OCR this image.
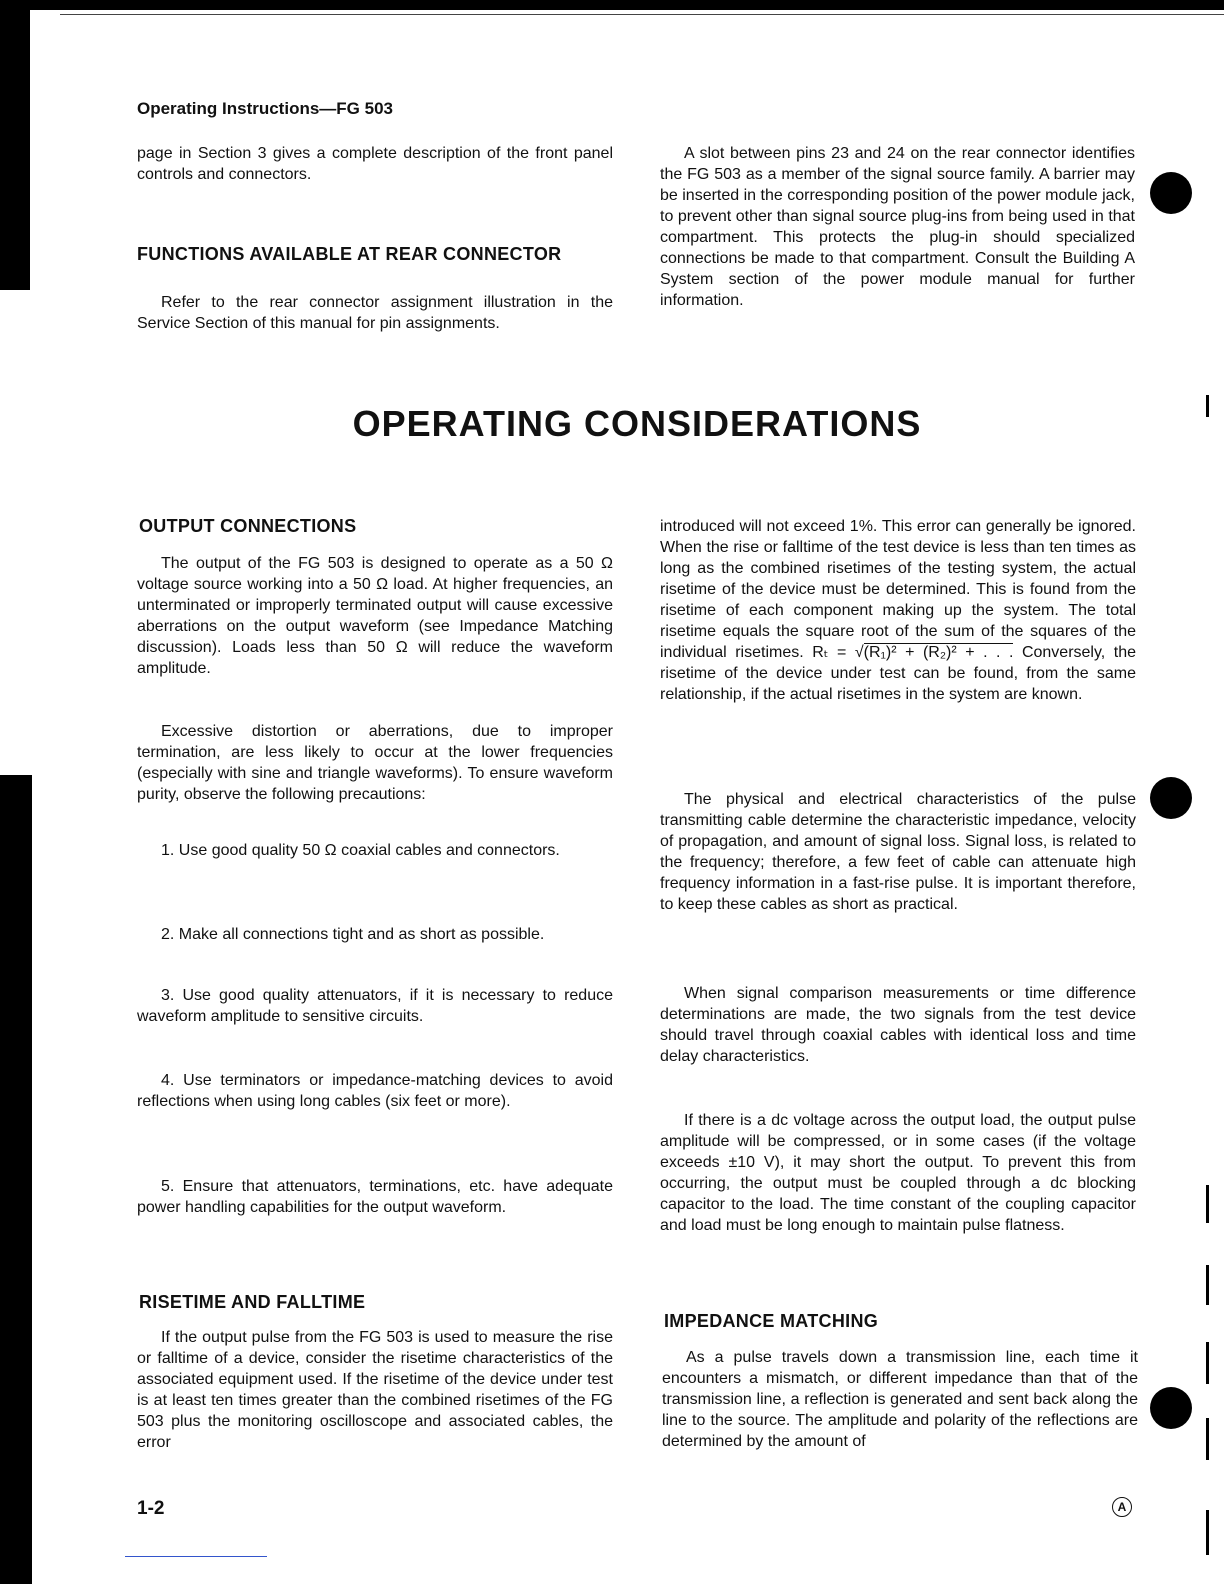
Operating Instructions—FG 503

page in Section 3 gives a complete description of the front panel controls and connectors.

FUNCTIONS AVAILABLE AT REAR CONNECTOR

Refer to the rear connector assignment illustration in the Service Section of this manual for pin assignments.

A slot between pins 23 and 24 on the rear connector identifies the FG 503 as a member of the signal source family. A barrier may be inserted in the corresponding position of the power module jack, to prevent other than signal source plug-ins from being used in that compartment. This protects the plug-in should specialized connections be made to that compartment. Consult the Building A System section of the power module manual for further information.

OPERATING CONSIDERATIONS
OUTPUT CONNECTIONS

The output of the FG 503 is designed to operate as a 50 Ω voltage source working into a 50 Ω load. At higher frequencies, an unterminated or improperly terminated output will cause excessive aberrations on the output waveform (see Impedance Matching discussion). Loads less than 50 Ω will reduce the waveform amplitude.

Excessive distortion or aberrations, due to improper termination, are less likely to occur at the lower frequencies (especially with sine and triangle waveforms). To ensure waveform purity, observe the following precautions:

1. Use good quality 50 Ω coaxial cables and connectors.

2. Make all connections tight and as short as possible.

3. Use good quality attenuators, if it is necessary to reduce waveform amplitude to sensitive circuits.

4. Use terminators or impedance-matching devices to avoid reflections when using long cables (six feet or more).

5. Ensure that attenuators, terminations, etc. have adequate power handling capabilities for the output waveform.

RISETIME AND FALLTIME

If the output pulse from the FG 503 is used to measure the rise or falltime of a device, consider the risetime characteristics of the associated equipment used. If the risetime of the device under test is at least ten times greater than the combined risetimes of the FG 503 plus the monitoring oscilloscope and associated cables, the error

introduced will not exceed 1%. This error can generally be ignored. When the rise or falltime of the test device is less than ten times as long as the combined risetimes of the testing system, the actual risetime of the device must be determined. This is found from the risetime of each component making up the system. The total risetime equals the square root of the sum of the squares of the individual risetimes. Rₜ = √(R₁)² + (R₂)² + . . . Conversely, the risetime of the device under test can be found, from the same relationship, if the actual risetimes in the system are known.

The physical and electrical characteristics of the pulse transmitting cable determine the characteristic impedance, velocity of propagation, and amount of signal loss. Signal loss, is related to the frequency; therefore, a few feet of cable can attenuate high frequency information in a fast-rise pulse. It is important therefore, to keep these cables as short as practical.

When signal comparison measurements or time difference determinations are made, the two signals from the test device should travel through coaxial cables with identical loss and time delay characteristics.

If there is a dc voltage across the output load, the output pulse amplitude will be compressed, or in some cases (if the voltage exceeds ±10 V), it may short the output. To prevent this from occurring, the output must be coupled through a dc blocking capacitor to the load. The time constant of the coupling capacitor and load must be long enough to maintain pulse flatness.

IMPEDANCE MATCHING

As a pulse travels down a transmission line, each time it encounters a mismatch, or different impedance than that of the transmission line, a reflection is generated and sent back along the line to the source. The amplitude and polarity of the reflections are determined by the amount of

1-2	A
